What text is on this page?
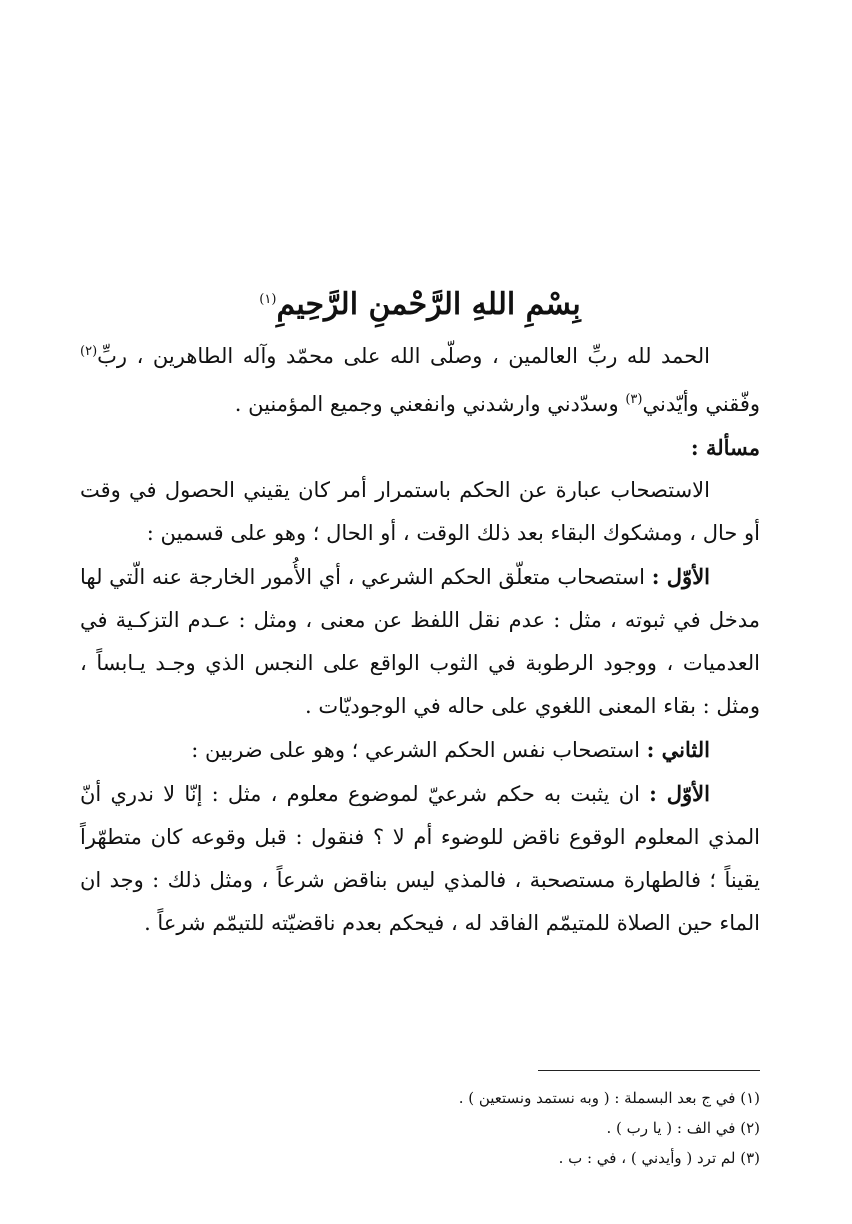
بِسْمِ اللهِ الرَّحْمنِ الرَّحِيمِ$^{(١)}$

الحمد لله ربِّ العالمين ، وصلّى الله على محمّد وآله الطاهرين ، ربِّ$^{(٢)}$ وفّقني وأيّدني$^{(٣)}$ وسدّدني وارشدني وانفعني وجميع المؤمنين .

مسألة :

الاستصحاب عبارة عن الحكم باستمرار أمر كان يقيني الحصول في وقت أو حال ، ومشكوك البقاء بعد ذلك الوقت ، أو الحال ؛ وهو على قسمين :

الأوّل : استصحاب متعلّق الحكم الشرعي ، أي الأُمور الخارجة عنه الّتي لها مدخل في ثبوته ، مثل : عدم نقل اللفظ عن معنى ، ومثل : عـدم التزكـية في العدميات ، ووجود الرطوبة في الثوب الواقع على النجس الذي وجـد يـابساً ، ومثل : بقاء المعنى اللغوي على حاله في الوجوديّات .

الثاني : استصحاب نفس الحكم الشرعي ؛ وهو على ضربين :

الأوّل : ان يثبت به حكم شرعيّ لموضوع معلوم ، مثل : إنّا لا ندري أنّ المذي المعلوم الوقوع ناقض للوضوء أم لا ؟ فنقول : قبل وقوعه كان متطهّراً يقيناً ؛ فالطهارة مستصحبة ، فالمذي ليس بناقض شرعاً ، ومثل ذلك : وجد ان الماء حين الصلاة للمتيمّم الفاقد له ، فيحكم بعدم ناقضيّته للتيمّم شرعاً .

(١) في ج بعد البسملة : ( وبه نستمد ونستعين ) .

(٢) في الف : ( يا رب ) .

(٣) لم ترد ( وأيدني ) ، في : ب .
